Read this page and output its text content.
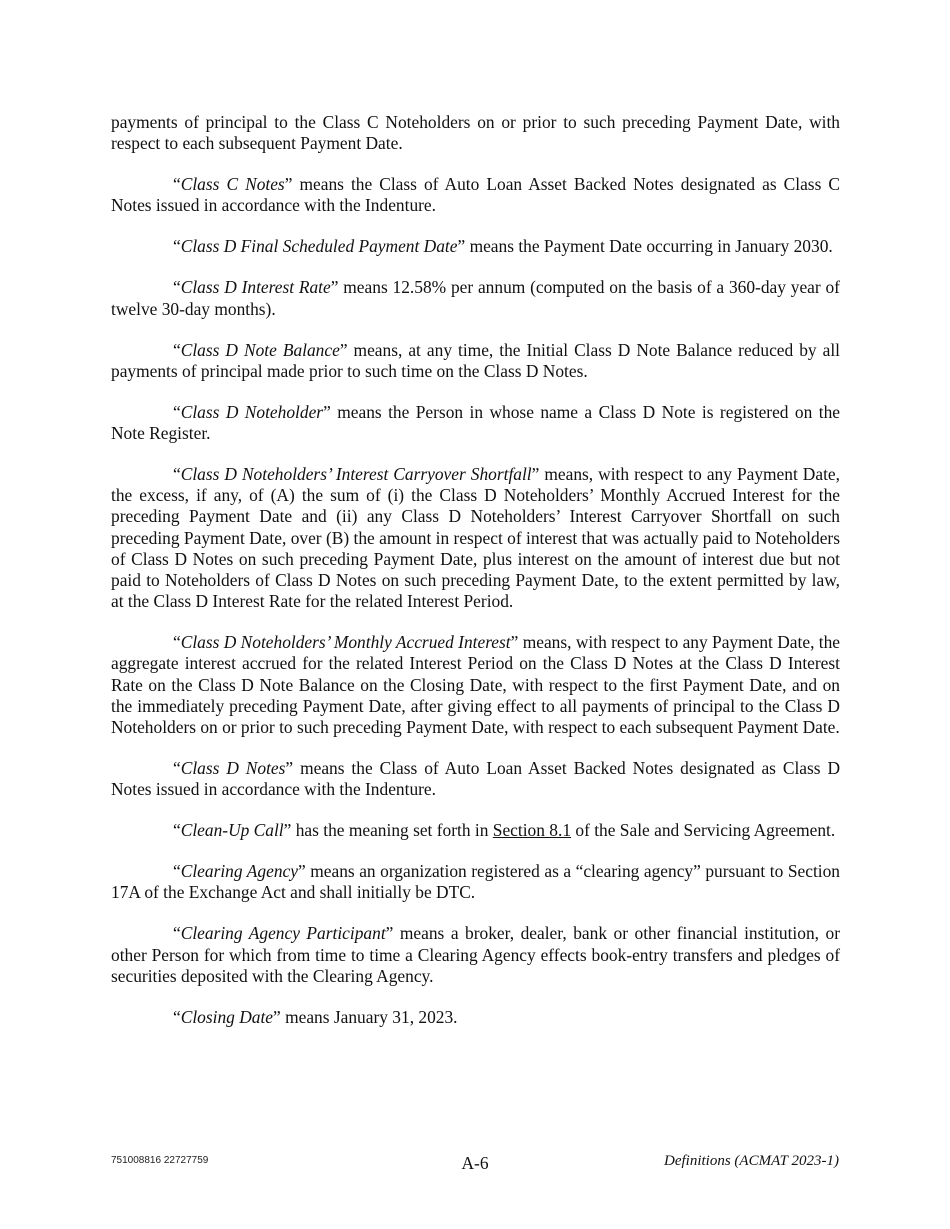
payments of principal to the Class C Noteholders on or prior to such preceding Payment Date, with respect to each subsequent Payment Date.

“Class C Notes” means the Class of Auto Loan Asset Backed Notes designated as Class C Notes issued in accordance with the Indenture.

“Class D Final Scheduled Payment Date” means the Payment Date occurring in January 2030.

“Class D Interest Rate” means 12.58% per annum (computed on the basis of a 360-day year of twelve 30-day months).

“Class D Note Balance” means, at any time, the Initial Class D Note Balance reduced by all payments of principal made prior to such time on the Class D Notes.

“Class D Noteholder” means the Person in whose name a Class D Note is registered on the Note Register.

“Class D Noteholders’ Interest Carryover Shortfall” means, with respect to any Payment Date, the excess, if any, of (A) the sum of (i) the Class D Noteholders’ Monthly Accrued Interest for the preceding Payment Date and (ii) any Class D Noteholders’ Interest Carryover Shortfall on such preceding Payment Date, over (B) the amount in respect of interest that was actually paid to Noteholders of Class D Notes on such preceding Payment Date, plus interest on the amount of interest due but not paid to Noteholders of Class D Notes on such preceding Payment Date, to the extent permitted by law, at the Class D Interest Rate for the related Interest Period.

“Class D Noteholders’ Monthly Accrued Interest” means, with respect to any Payment Date, the aggregate interest accrued for the related Interest Period on the Class D Notes at the Class D Interest Rate on the Class D Note Balance on the Closing Date, with respect to the first Payment Date, and on the immediately preceding Payment Date, after giving effect to all payments of principal to the Class D Noteholders on or prior to such preceding Payment Date, with respect to each subsequent Payment Date.

“Class D Notes” means the Class of Auto Loan Asset Backed Notes designated as Class D Notes issued in accordance with the Indenture.

“Clean-Up Call” has the meaning set forth in Section 8.1 of the Sale and Servicing Agreement.

“Clearing Agency” means an organization registered as a “clearing agency” pursuant to Section 17A of the Exchange Act and shall initially be DTC.

“Clearing Agency Participant” means a broker, dealer, bank or other financial institution, or other Person for which from time to time a Clearing Agency effects book-entry transfers and pledges of securities deposited with the Clearing Agency.

“Closing Date” means January 31, 2023.

751008816 22727759	A-6	Definitions (ACMAT 2023-1)
